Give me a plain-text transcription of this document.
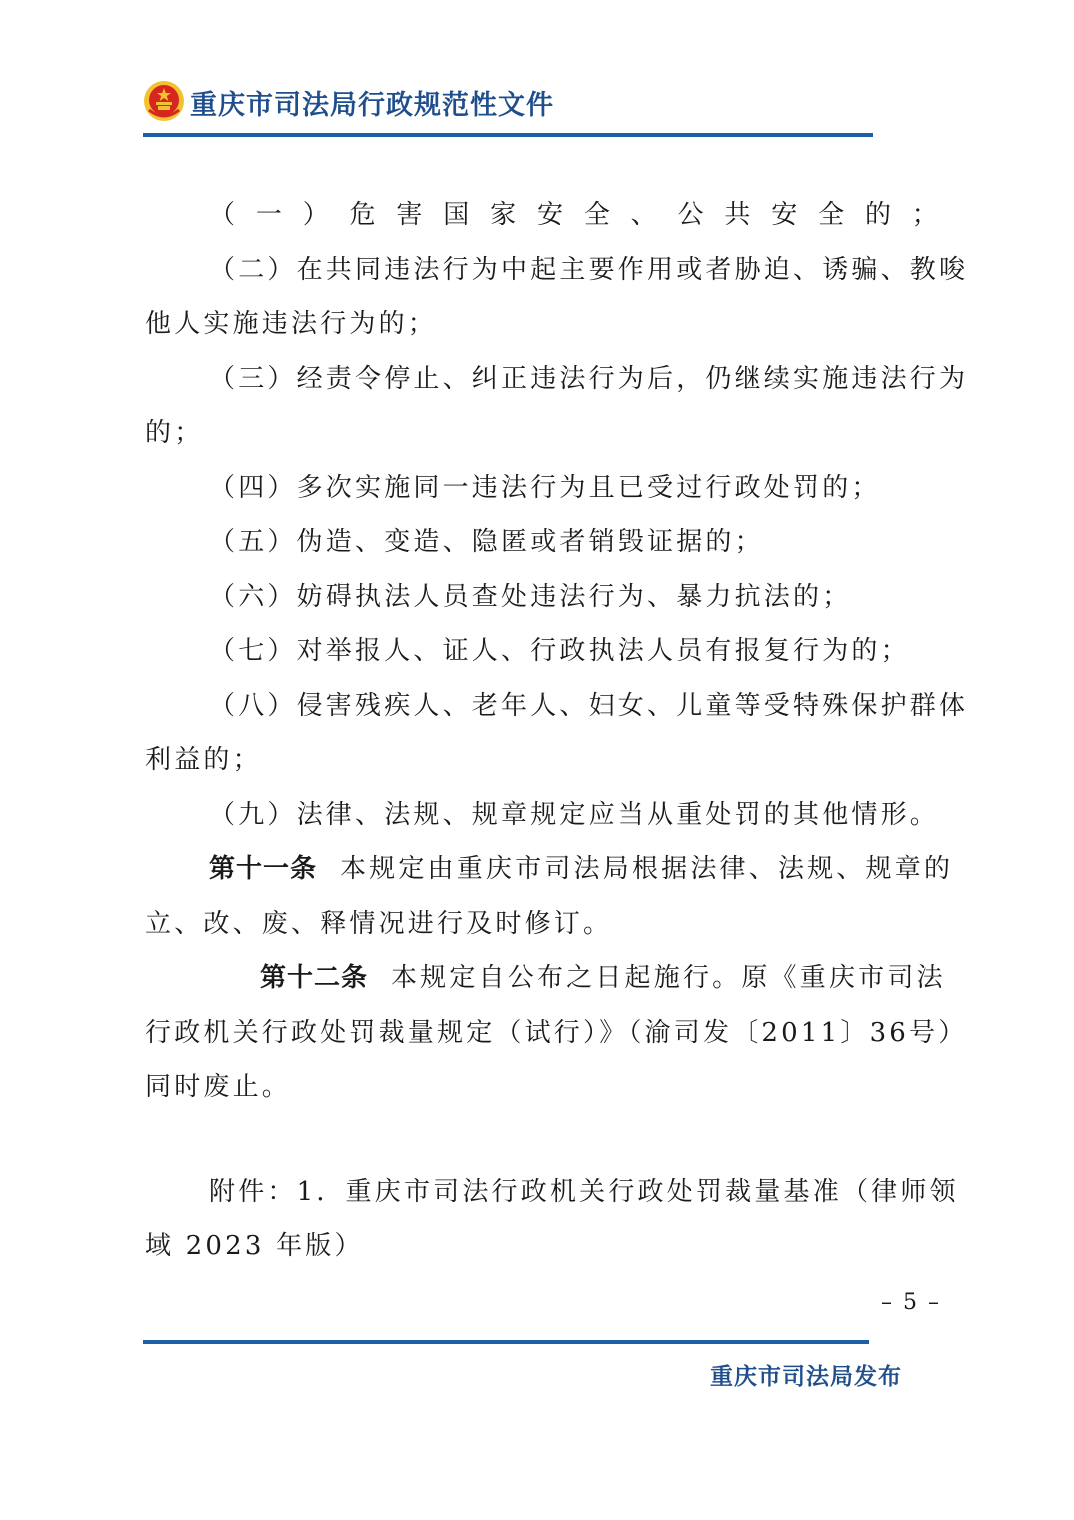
重庆市司法局行政规范性文件
（一）危害国家安全、公共安全的；
（二）在共同违法行为中起主要作用或者胁迫、诱骗、教唆
他人实施违法行为的；
（三）经责令停止、纠正违法行为后，仍继续实施违法行为
的；
（四）多次实施同一违法行为且已受过行政处罚的；
（五）伪造、变造、隐匿或者销毁证据的；
（六）妨碍执法人员查处违法行为、暴力抗法的；
（七）对举报人、证人、行政执法人员有报复行为的；
（八）侵害残疾人、老年人、妇女、儿童等受特殊保护群体
利益的；
（九）法律、法规、规章规定应当从重处罚的其他情形。
第十一条 本规定由重庆市司法局根据法律、法规、规章的
立、改、废、释情况进行及时修订。
第十二条 本规定自公布之日起施行。原《重庆市司法
行政机关行政处罚裁量规定（试行）》（渝司发〔2011〕36号）
同时废止。
附件：1．重庆市司法行政机关行政处罚裁量基准（律师领
域 2023 年版）
– 5 –
重庆市司法局发布
